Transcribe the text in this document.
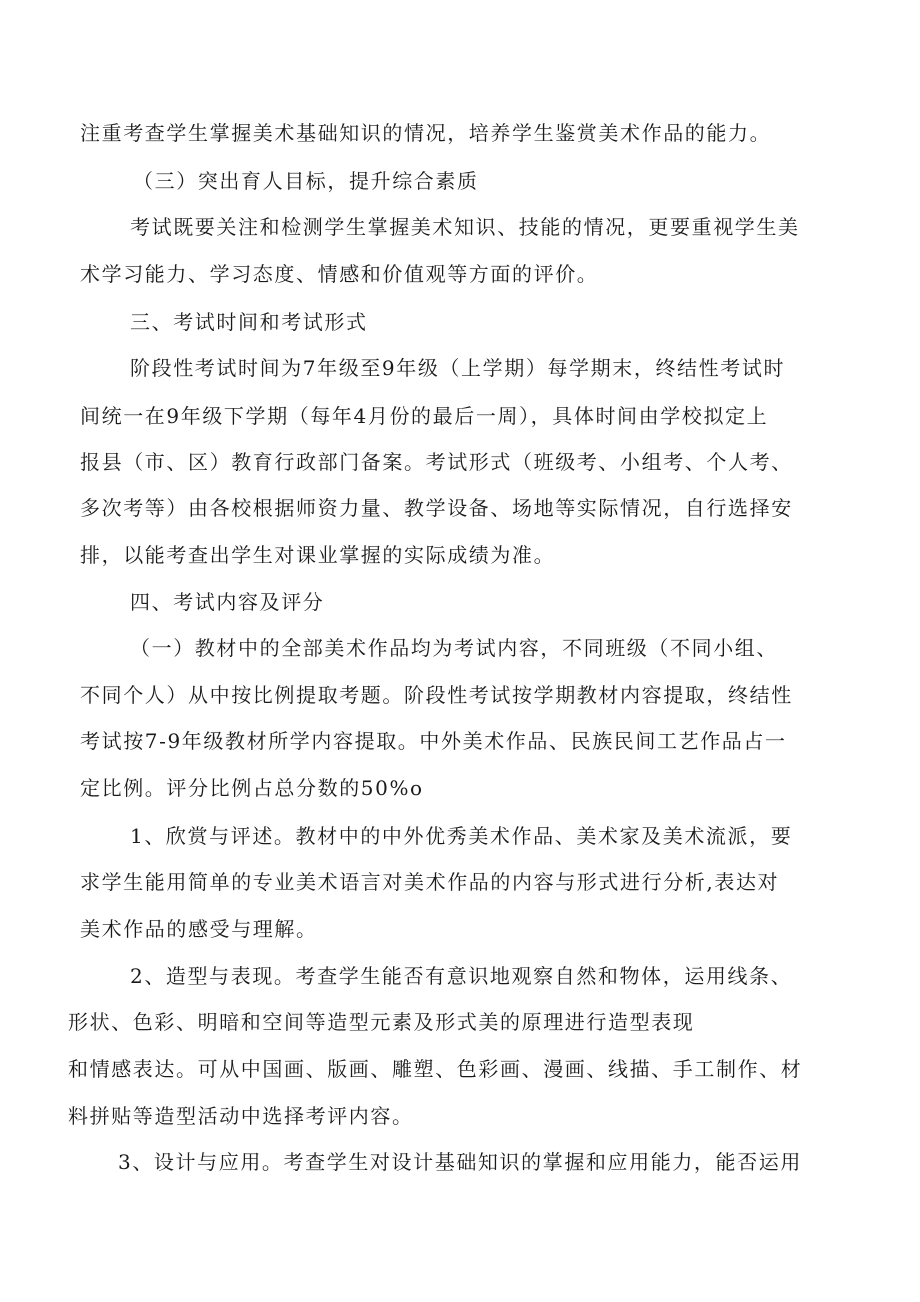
注重考查学生掌握美术基础知识的情况，培养学生鉴赏美术作品的能力。
（三）突出育人目标，提升综合素质
考试既要关注和检测学生掌握美术知识、技能的情况，更要重视学生美
术学习能力、学习态度、情感和价值观等方面的评价。
三、考试时间和考试形式
阶段性考试时间为7年级至9年级（上学期）每学期末，终结性考试时
间统一在9年级下学期（每年4月份的最后一周），具体时间由学校拟定上
报县（市、区）教育行政部门备案。考试形式（班级考、小组考、个人考、
多次考等）由各校根据师资力量、教学设备、场地等实际情况，自行选择安
排，以能考查出学生对课业掌握的实际成绩为准。
四、考试内容及评分
（一）教材中的全部美术作品均为考试内容，不同班级（不同小组、
不同个人）从中按比例提取考题。阶段性考试按学期教材内容提取，终结性
考试按7-9年级教材所学内容提取。中外美术作品、民族民间工艺作品占一
定比例。评分比例占总分数的50%o
1、欣赏与评述。教材中的中外优秀美术作品、美术家及美术流派，要
求学生能用简单的专业美术语言对美术作品的内容与形式进行分析,表达对
美术作品的感受与理解。
2、造型与表现。考查学生能否有意识地观察自然和物体，运用线条、
形状、色彩、明暗和空间等造型元素及形式美的原理进行造型表现
和情感表达。可从中国画、版画、雕塑、色彩画、漫画、线描、手工制作、材
料拼贴等造型活动中选择考评内容。
3、设计与应用。考查学生对设计基础知识的掌握和应用能力，能否运用
